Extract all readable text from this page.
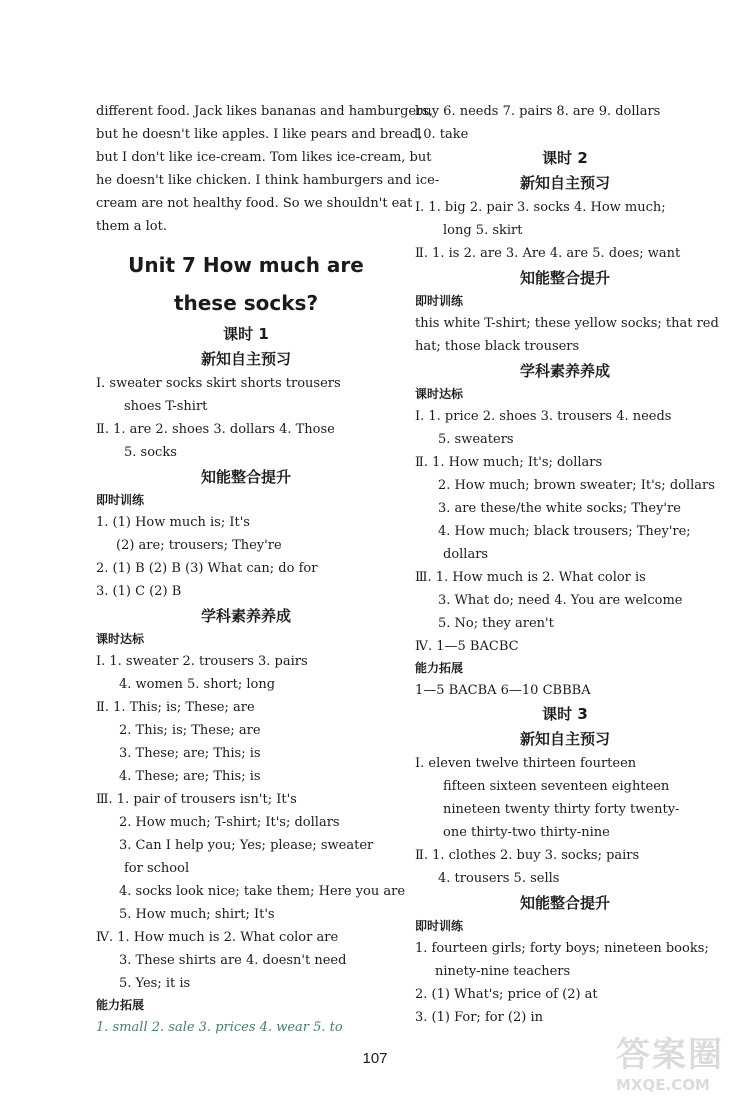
different food. Jack likes bananas and hamburgers,
but he doesn't like apples. I like pears and bread,
but I don't like ice-cream. Tom likes ice-cream, but
he doesn't like chicken. I think hamburgers and ice-
cream are not healthy food. So we shouldn't eat
them a lot.
Unit 7 How much are
these socks?
课时 1
新知自主预习
Ⅰ. sweater socks skirt shorts trousers
shoes T-shirt
Ⅱ. 1. are 2. shoes 3. dollars 4. Those
5. socks
知能整合提升
即时训练
1. (1) How much is; It's
(2) are; trousers; They're
2. (1) B (2) B (3) What can; do for
3. (1) C (2) B
学科素养养成
课时达标
Ⅰ. 1. sweater 2. trousers 3. pairs
4. women 5. short; long
Ⅱ. 1. This; is; These; are
2. This; is; These; are
3. These; are; This; is
4. These; are; This; is
Ⅲ. 1. pair of trousers isn't; It's
2. How much; T-shirt; It's; dollars
3. Can I help you; Yes; please; sweater
for school
4. socks look nice; take them; Here you are
5. How much; shirt; It's
Ⅳ. 1. How much is 2. What color are
3. These shirts are 4. doesn't need
5. Yes; it is
能力拓展
1. small 2. sale 3. prices 4. wear 5. to
buy 6. needs 7. pairs 8. are 9. dollars
10. take
课时 2
新知自主预习
Ⅰ. 1. big 2. pair 3. socks 4. How much;
long 5. skirt
Ⅱ. 1. is 2. are 3. Are 4. are 5. does; want
知能整合提升
即时训练
this white T-shirt; these yellow socks; that red
hat; those black trousers
学科素养养成
课时达标
Ⅰ. 1. price 2. shoes 3. trousers 4. needs
5. sweaters
Ⅱ. 1. How much; It's; dollars
2. How much; brown sweater; It's; dollars
3. are these/the white socks; They're
4. How much; black trousers; They're;
dollars
Ⅲ. 1. How much is 2. What color is
3. What do; need 4. You are welcome
5. No; they aren't
Ⅳ. 1—5 BACBC
能力拓展
1—5 BACBA 6—10 CBBBA
课时 3
新知自主预习
Ⅰ. eleven twelve thirteen fourteen
fifteen sixteen seventeen eighteen
nineteen twenty thirty forty twenty-
one thirty-two thirty-nine
Ⅱ. 1. clothes 2. buy 3. socks; pairs
4. trousers 5. sells
知能整合提升
即时训练
1. fourteen girls; forty boys; nineteen books;
ninety-nine teachers
2. (1) What's; price of (2) at
3. (1) For; for (2) in
107	答案圈
MXQE.COM
